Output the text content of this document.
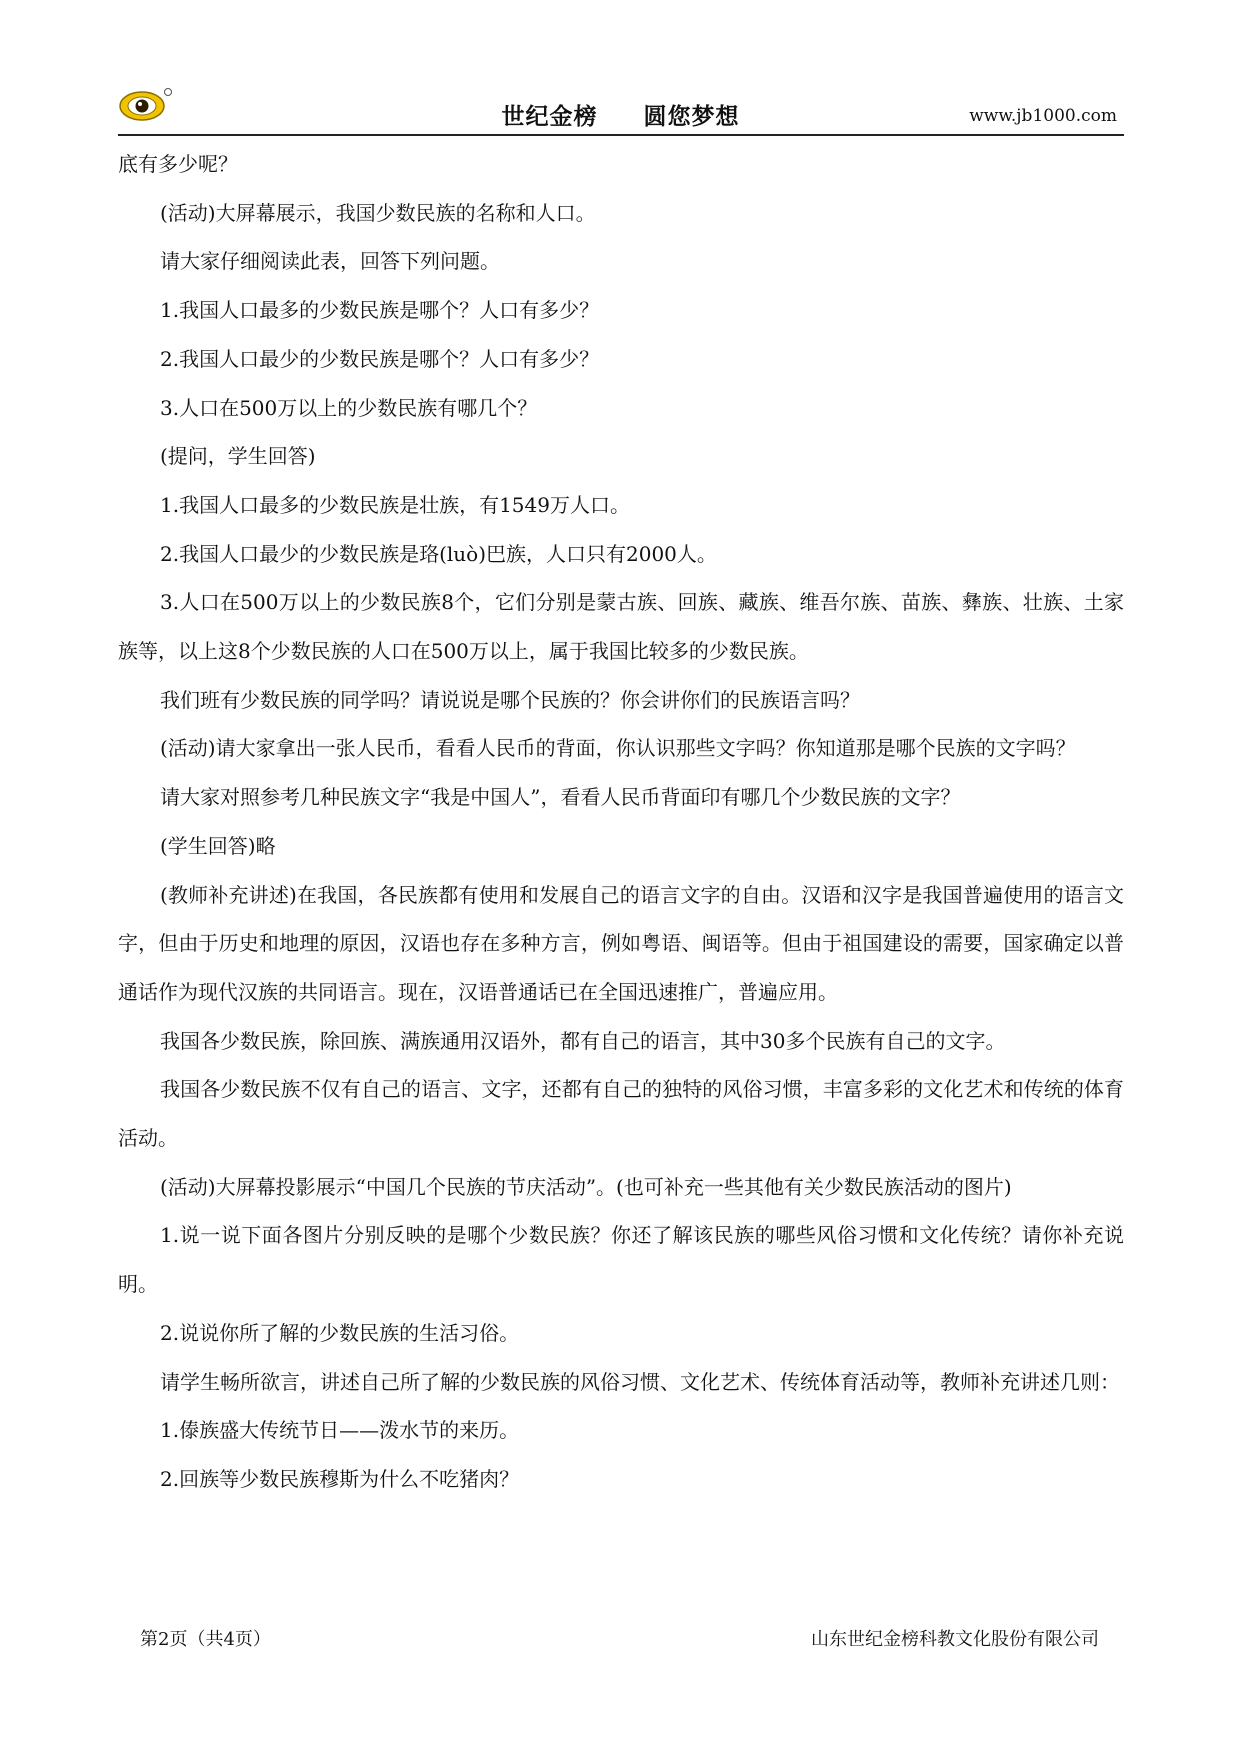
世纪金榜 圆您梦想	www.jb1000.com

底有多少呢？

(活动)大屏幕展示，我国少数民族的名称和人口。

请大家仔细阅读此表，回答下列问题。

1.我国人口最多的少数民族是哪个？人口有多少？

2.我国人口最少的少数民族是哪个？人口有多少？

3.人口在500万以上的少数民族有哪几个？

(提问，学生回答)

1.我国人口最多的少数民族是壮族，有1549万人口。

2.我国人口最少的少数民族是珞(luò)巴族，人口只有2000人。

3.人口在500万以上的少数民族8个，它们分别是蒙古族、回族、藏族、维吾尔族、苗族、彝族、壮族、土家族等，以上这8个少数民族的人口在500万以上，属于我国比较多的少数民族。

我们班有少数民族的同学吗？请说说是哪个民族的？你会讲你们的民族语言吗？

(活动)请大家拿出一张人民币，看看人民币的背面，你认识那些文字吗？你知道那是哪个民族的文字吗？

请大家对照参考几种民族文字“我是中国人”，看看人民币背面印有哪几个少数民族的文字？

(学生回答)略

(教师补充讲述)在我国，各民族都有使用和发展自己的语言文字的自由。汉语和汉字是我国普遍使用的语言文字，但由于历史和地理的原因，汉语也存在多种方言，例如粤语、闽语等。但由于祖国建设的需要，国家确定以普通话作为现代汉族的共同语言。现在，汉语普通话已在全国迅速推广，普遍应用。

我国各少数民族，除回族、满族通用汉语外，都有自己的语言，其中30多个民族有自己的文字。

我国各少数民族不仅有自己的语言、文字，还都有自己的独特的风俗习惯，丰富多彩的文化艺术和传统的体育活动。

(活动)大屏幕投影展示“中国几个民族的节庆活动”。(也可补充一些其他有关少数民族活动的图片)

1.说一说下面各图片分别反映的是哪个少数民族？你还了解该民族的哪些风俗习惯和文化传统？请你补充说明。

2.说说你所了解的少数民族的生活习俗。

请学生畅所欲言，讲述自己所了解的少数民族的风俗习惯、文化艺术、传统体育活动等，教师补充讲述几则：

1.傣族盛大传统节日——泼水节的来历。

2.回族等少数民族穆斯为什么不吃猪肉？

第2页（共4页）	山东世纪金榜科教文化股份有限公司
